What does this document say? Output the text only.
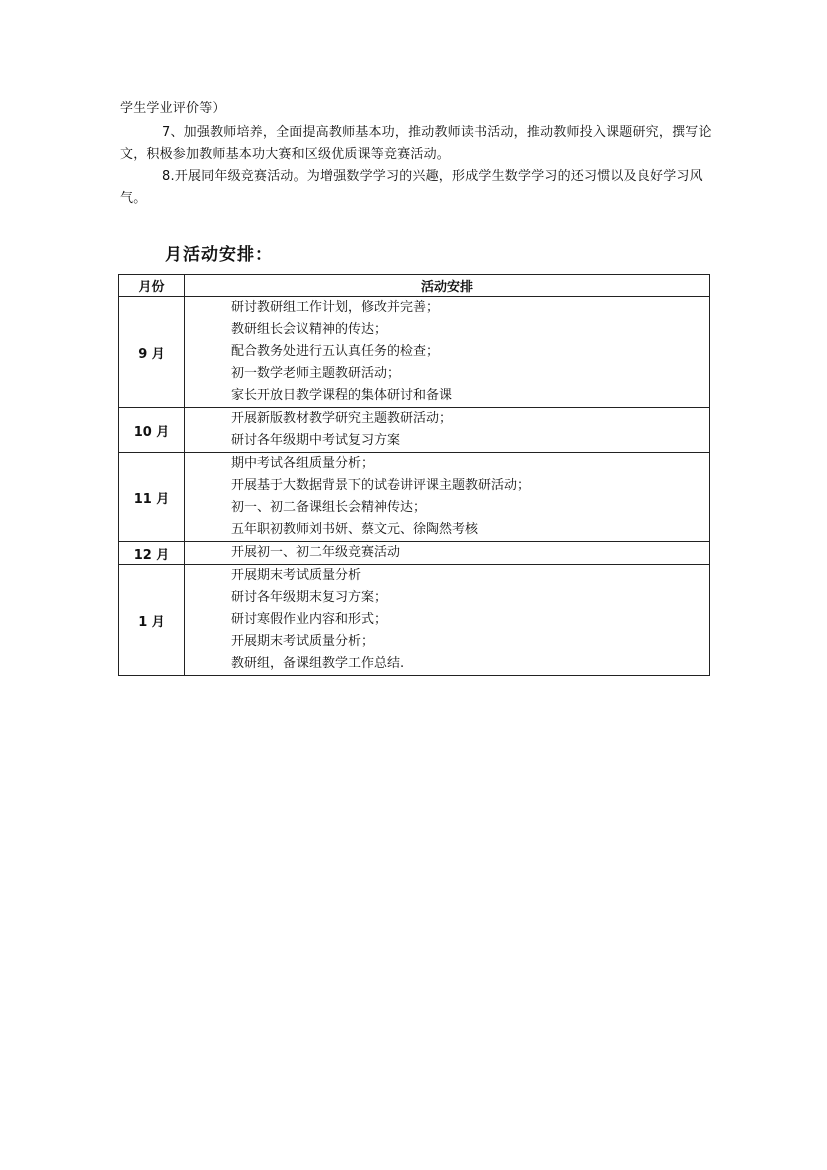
学生学业评价等）
7、加强教师培养，全面提高教师基本功，推动教师读书活动，推动教师投入课题研究，撰写论文，积极参加教师基本功大赛和区级优质课等竞赛活动。
8.开展同年级竞赛活动。为增强数学学习的兴趣，形成学生数学学习的还习惯以及良好学习风气。
月活动安排：
月份	活动安排
9 月	研讨教研组工作计划，修改并完善；
教研组长会议精神的传达；
配合教务处进行五认真任务的检查；
初一数学老师主题教研活动；
家长开放日教学课程的集体研讨和备课

10 月	开展新版教材教学研究主题教研活动；
研讨各年级期中考试复习方案

11 月	期中考试各组质量分析；
开展基于大数据背景下的试卷讲评课主题教研活动；
初一、初二备课组长会精神传达；
五年职初教师刘书妍、蔡文元、徐陶然考核

12 月	开展初一、初二年级竞赛活动

1 月	开展期末考试质量分析
研讨各年级期末复习方案；
研讨寒假作业内容和形式；
开展期末考试质量分析；
教研组，备课组教学工作总结.
